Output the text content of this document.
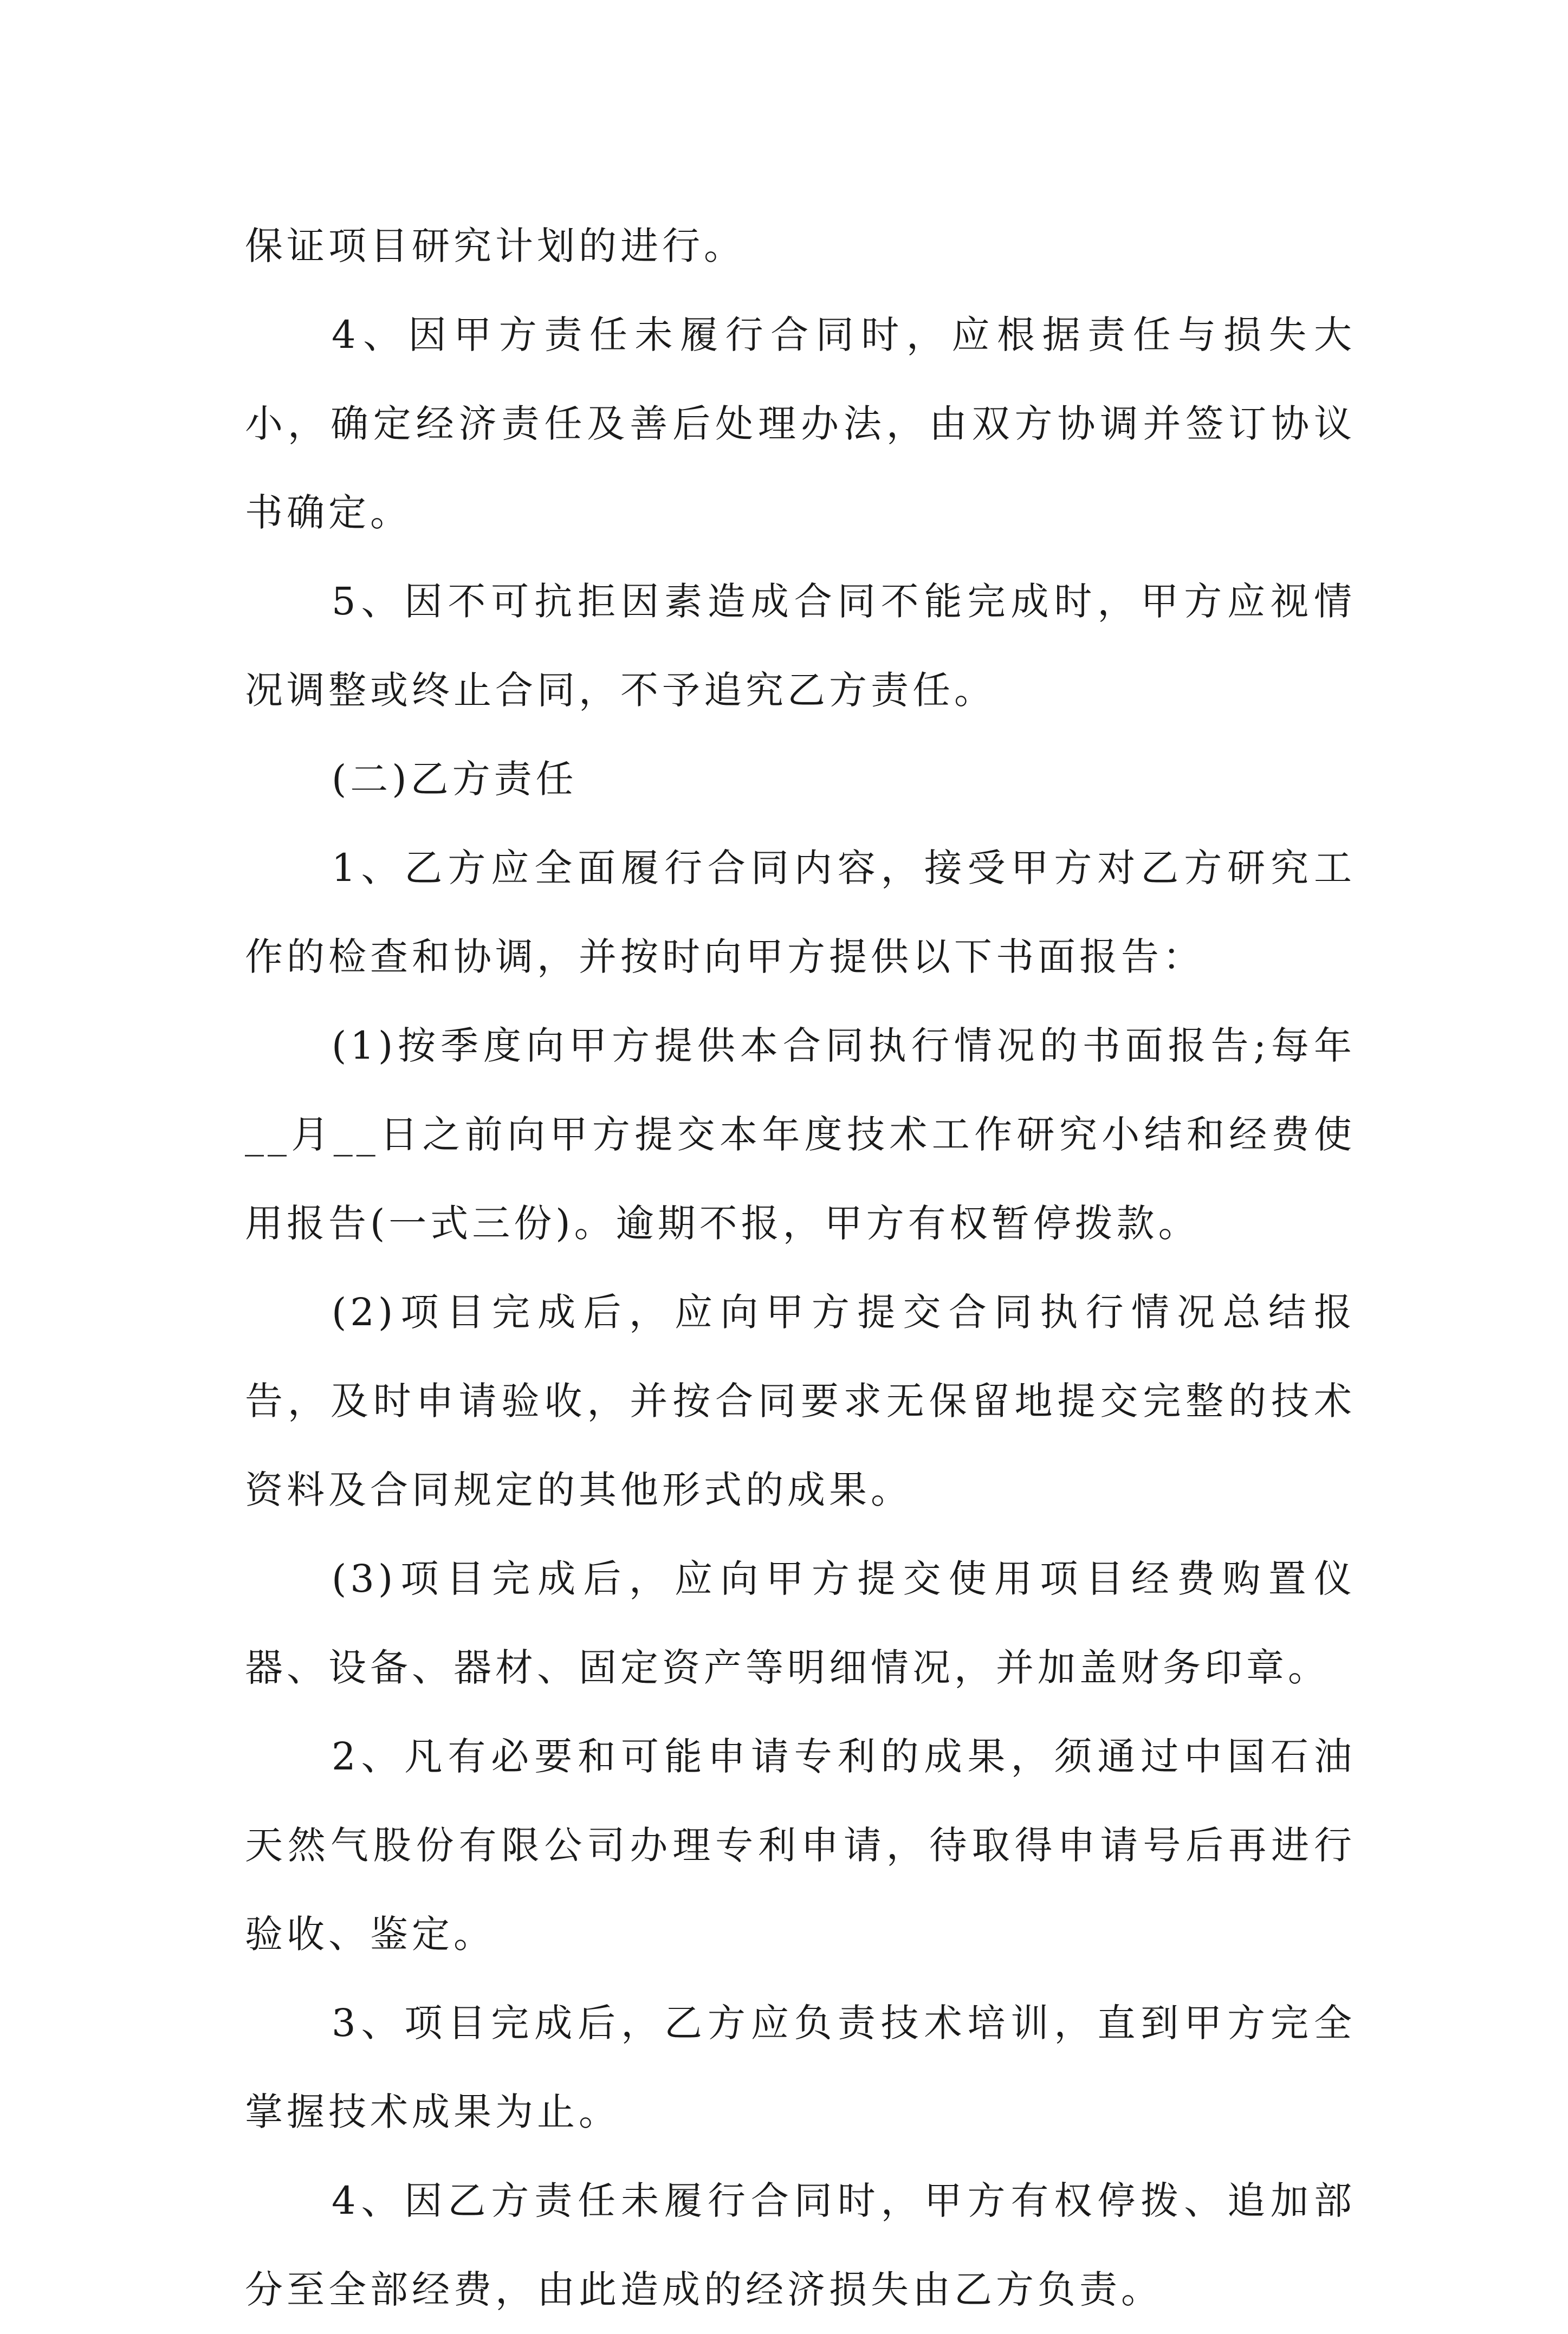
保证项目研究计划的进行。

4、因甲方责任未履行合同时，应根据责任与损失大小，确定经济责任及善后处理办法，由双方协调并签订协议书确定。

5、因不可抗拒因素造成合同不能完成时，甲方应视情况调整或终止合同，不予追究乙方责任。

(二)乙方责任

1、乙方应全面履行合同内容，接受甲方对乙方研究工作的检查和协调，并按时向甲方提供以下书面报告：

(1)按季度向甲方提供本合同执行情况的书面报告;每年__月__日之前向甲方提交本年度技术工作研究小结和经费使用报告(一式三份)。逾期不报，甲方有权暂停拨款。

(2)项目完成后，应向甲方提交合同执行情况总结报告，及时申请验收，并按合同要求无保留地提交完整的技术资料及合同规定的其他形式的成果。

(3)项目完成后，应向甲方提交使用项目经费购置仪器、设备、器材、固定资产等明细情况，并加盖财务印章。

2、凡有必要和可能申请专利的成果，须通过中国石油天然气股份有限公司办理专利申请，待取得申请号后再进行验收、鉴定。

3、项目完成后，乙方应负责技术培训，直到甲方完全掌握技术成果为止。

4、因乙方责任未履行合同时，甲方有权停拨、追加部分至全部经费，由此造成的经济损失由乙方负责。
